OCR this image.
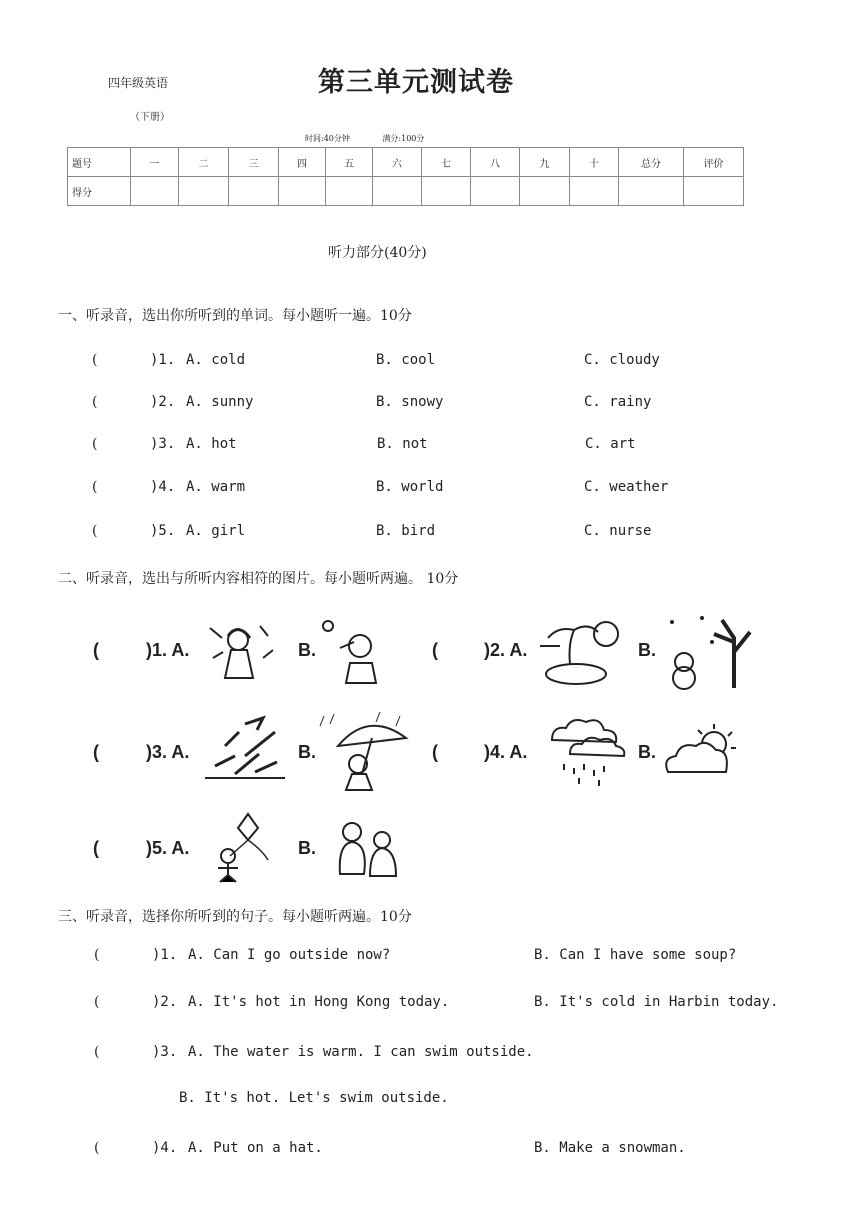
四年级英语
（下册）
第三单元测试卷
时间:40分钟	满分:100分
题号	一	二	三	四	五	六	七	八	九	十	总分	评价
得分												
听力部分(40分)
一、听录音，选出你所听到的单词。每小题听一遍。10分
(	)1. A. cold	B. cool	C. cloudy
(	)2. A. sunny	B. snowy	C. rainy
(	)3. A. hot	B. not	C. art
(	)4. A. warm	B. world	C. weather
(	)5. A. girl	B. bird	C. nurse
二、听录音，选出与所听内容相符的图片。每小题听两遍。 10分
(	)1. A.	B.	(	)2. A.	B.
(	)3. A.	B.	(	)4. A.	B.
(	)5. A.	B.
三、听录音，选择你所听到的句子。每小题听两遍。10分
(	)1. A. Can I go outside now?	B. Can I have some soup?
(	)2. A. It's hot in Hong Kong today.	B. It's cold in Harbin today.
(	)3. A. The water is warm. I can swim outside.
B. It's hot. Let's swim outside.
(	)4. A. Put on a hat.	B. Make a snowman.
